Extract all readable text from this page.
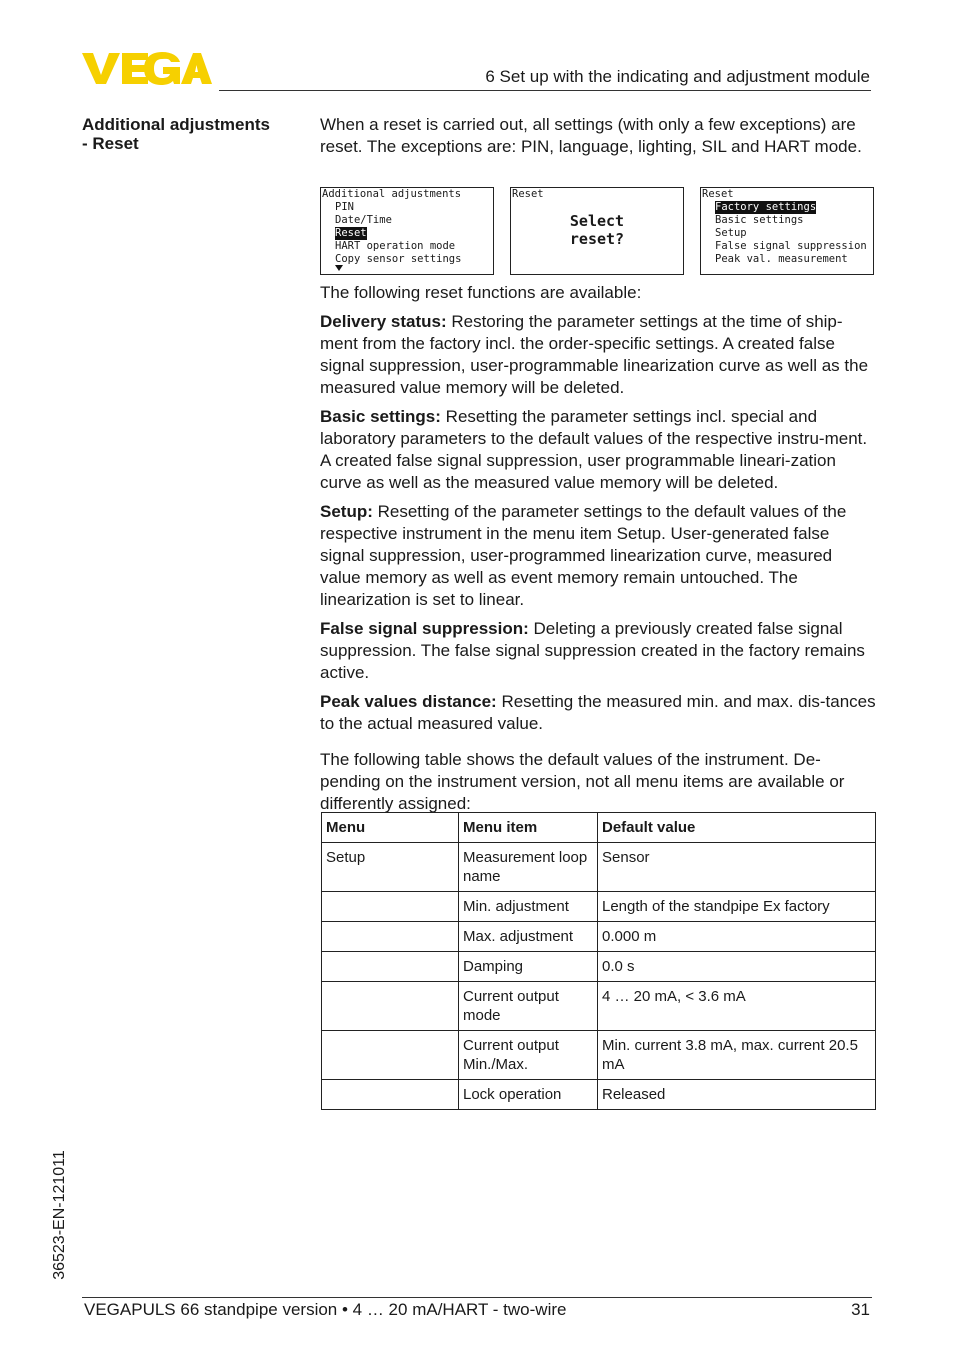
6 Set up with the indicating and adjustment module
Additional adjustments
- Reset

When a reset is carried out, all settings (with only a few exceptions) are reset. The exceptions are: PIN, language, lighting, SIL and HART mode.

Additional adjustments
PIN
Date/Time
Reset
HART operation mode
Copy sensor settings
Reset
Select
reset?
Reset
Factory settings
Basic settings
Setup
False signal suppression
Peak val. measurement

The following reset functions are available:

Delivery status: Restoring the parameter settings at the time of ship-ment from the factory incl. the order-specific settings. A created false signal suppression, user-programmable linearization curve as well as the measured value memory will be deleted.

Basic settings: Resetting the parameter settings incl. special and laboratory parameters to the default values of the respective instru-ment. A created false signal suppression, user programmable lineari-zation curve as well as the measured value memory will be deleted.

Setup: Resetting of the parameter settings to the default values of the respective instrument in the menu item Setup. User-generated false signal suppression, user-programmed linearization curve, measured value memory as well as event memory remain untouched. The linearization is set to linear.

False signal suppression: Deleting a previously created false signal suppression. The false signal suppression created in the factory remains active.

Peak values distance: Resetting the measured min. and max. dis-tances to the actual measured value.

The following table shows the default values of the instrument. De-pending on the instrument version, not all menu items are available or differently assigned:

Menu	Menu item	Default value
Setup	Measurement loop name	Sensor
	Min. adjustment	Length of the standpipe Ex factory
	Max. adjustment	0.000 m
	Damping	0.0 s
	Current output mode	4 … 20 mA, < 3.6 mA
	Current output Min./Max.	Min. current 3.8 mA, max. current 20.5 mA
	Lock operation	Released
36523-EN-121011
VEGAPULS 66 standpipe version • 4 … 20 mA/HART - two-wire	31
